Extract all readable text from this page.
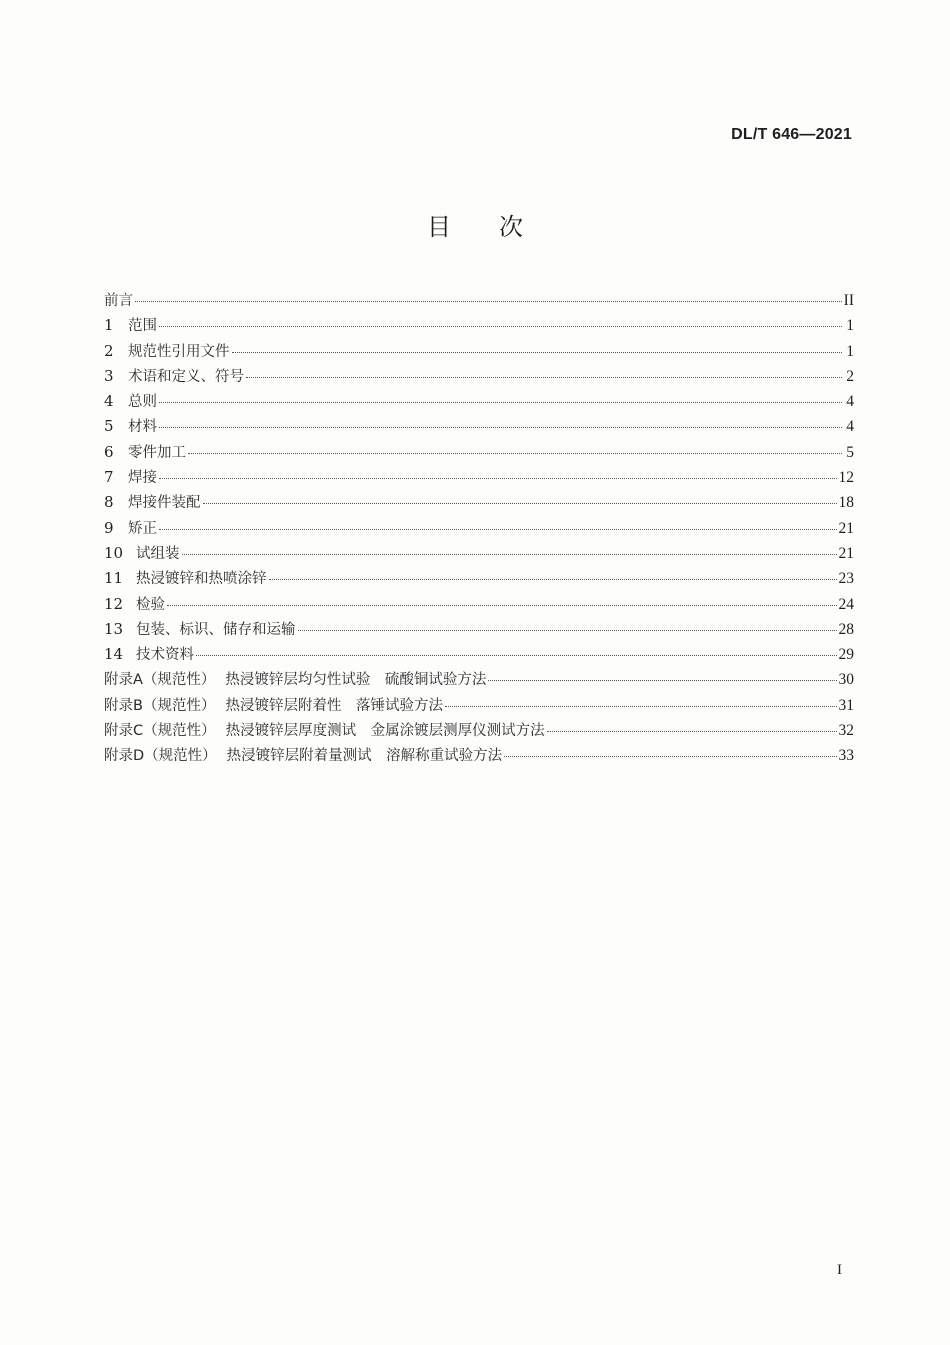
DL/T 646—2021
目次
前言	II
1 范围	1
2 规范性引用文件	1
3 术语和定义、符号	2
4 总则	4
5 材料	4
6 零件加工	5
7 焊接	12
8 焊接件装配	18
9 矫正	21
10 试组装	21
11 热浸镀锌和热喷涂锌	23
12 检验	24
13 包装、标识、储存和运输	28
14 技术资料	29
附录 A （规范性） 热浸镀锌层均匀性试验　硫酸铜试验方法	30
附录 B （规范性） 热浸镀锌层附着性　落锤试验方法	31
附录 C （规范性） 热浸镀锌层厚度测试　金属涂镀层测厚仪测试方法	32
附录 D （规范性） 热浸镀锌层附着量测试　溶解称重试验方法	33
I
